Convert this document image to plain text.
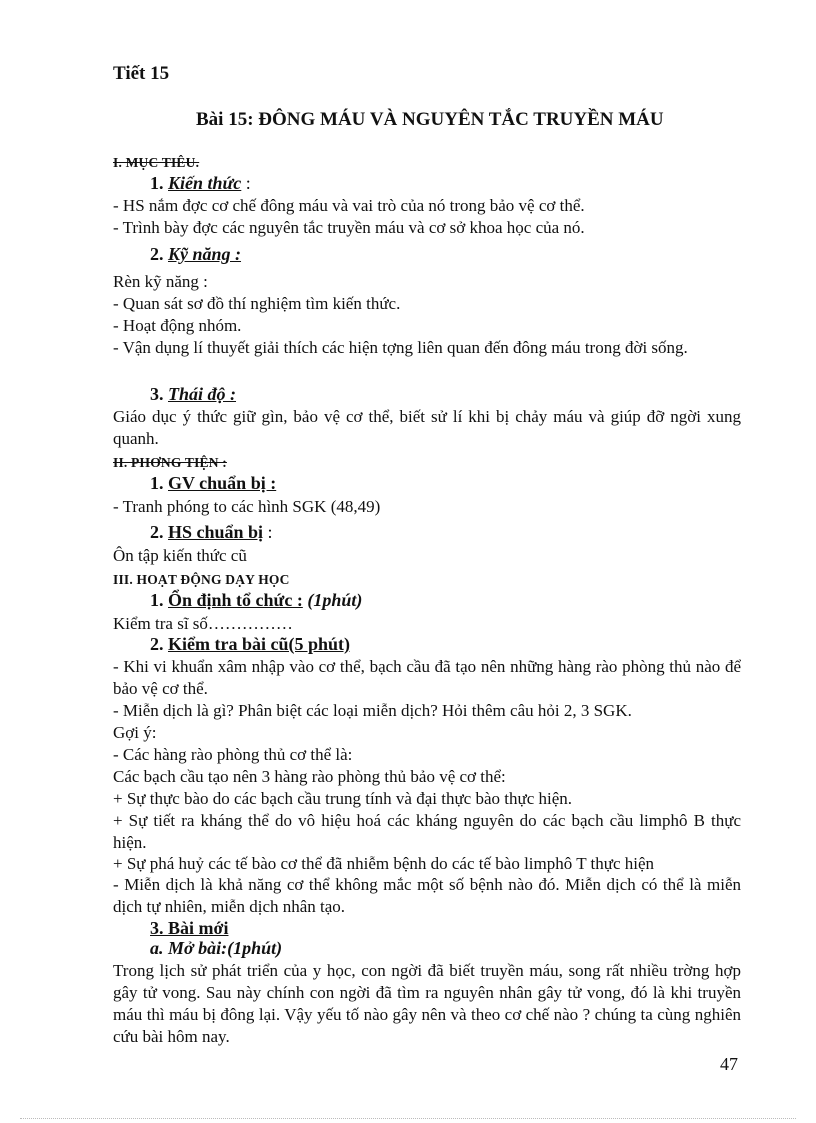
Tiết 15
Bài 15: ĐÔNG MÁU VÀ NGUYÊN TẮC TRUYỀN MÁU
I. MỤC TIÊU.
1. Kiến thức :
- HS nắm đợc cơ chế đông máu và vai trò của nó trong bảo vệ cơ thể.
- Trình bày đợc các nguyên tắc truyền máu và cơ sở khoa học của nó.
2. Kỹ năng :
Rèn kỹ năng :
- Quan sát sơ đồ thí nghiệm tìm kiến thức.
- Hoạt động nhóm.
- Vận dụng lí thuyết giải thích các hiện tợng liên quan đến đông máu trong đời sống.
3. Thái độ :
Giáo dục ý thức giữ gìn, bảo vệ cơ thể, biết sử lí khi bị chảy máu và giúp đỡ ngời xung quanh.
II. PHƠNG TIỆN :
1. GV chuẩn bị :
- Tranh phóng to các hình SGK (48,49)
2. HS chuẩn bị :
Ôn tập kiến thức cũ
III. HOẠT ĐỘNG DẠY HỌC
1. Ổn định tổ chức : (1phút)
Kiểm tra sĩ số……………
2. Kiểm tra bài cũ(5 phút)
- Khi vi khuẩn xâm nhập vào cơ thể, bạch cầu đã tạo nên những hàng rào phòng thủ nào để bảo vệ cơ thể.
- Miễn dịch là gì? Phân biệt các loại miễn dịch? Hỏi thêm câu hỏi 2, 3 SGK.
Gợi ý:
- Các hàng rào phòng thủ cơ thể là:
Các bạch cầu tạo nên 3 hàng rào phòng thủ bảo vệ cơ thể:
+ Sự thực bào do các bạch cầu trung tính và đại thực bào thực hiện.
+ Sự tiết ra kháng thể do vô hiệu hoá các kháng nguyên do các bạch cầu limphô B thực hiện.
+ Sự phá huỷ các tế bào cơ thể đã nhiễm bệnh do các tế bào limphô T thực hiện
- Miễn dịch là khả năng cơ thể không mắc một số bệnh nào đó. Miễn dịch có thể là miễn dịch tự nhiên, miễn dịch nhân tạo.
3. Bài mới
a. Mở bài:(1phút)
Trong lịch sử phát triển của y học, con ngời đã biết truyền máu, song rất nhiều trờng hợp gây tử vong. Sau này chính con ngời đã tìm ra nguyên nhân gây tử vong, đó là khi truyền máu thì máu bị đông lại. Vậy yếu tố nào gây nên và theo cơ chế nào ? chúng ta cùng nghiên cứu bài hôm nay.
47
